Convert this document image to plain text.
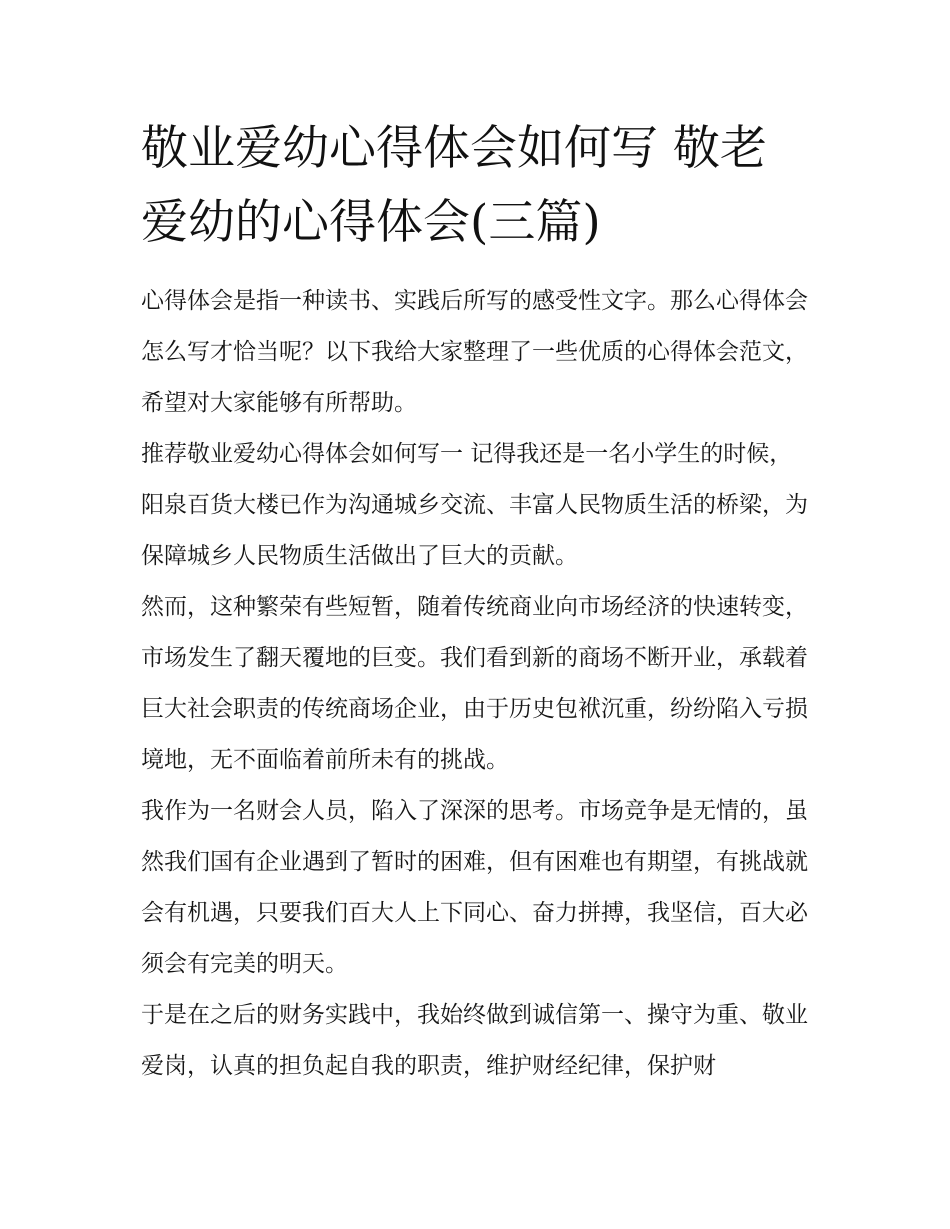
敬业爱幼心得体会如何写 敬老爱幼的心得体会(三篇)

心得体会是指一种读书、实践后所写的感受性文字。那么心得体会怎么写才恰当呢？以下我给大家整理了一些优质的心得体会范文，希望对大家能够有所帮助。

推荐敬业爱幼心得体会如何写一 记得我还是一名小学生的时候，阳泉百货大楼已作为沟通城乡交流、丰富人民物质生活的桥梁，为保障城乡人民物质生活做出了巨大的贡献。

然而，这种繁荣有些短暂，随着传统商业向市场经济的快速转变，市场发生了翻天覆地的巨变。我们看到新的商场不断开业，承载着巨大社会职责的传统商场企业，由于历史包袱沉重，纷纷陷入亏损境地，无不面临着前所未有的挑战。

我作为一名财会人员，陷入了深深的思考。市场竞争是无情的，虽然我们国有企业遇到了暂时的困难，但有困难也有期望，有挑战就会有机遇，只要我们百大人上下同心、奋力拼搏，我坚信，百大必须会有完美的明天。

于是在之后的财务实践中，我始终做到诚信第一、操守为重、敬业爱岗，认真的担负起自我的职责，维护财经纪律，保护财
